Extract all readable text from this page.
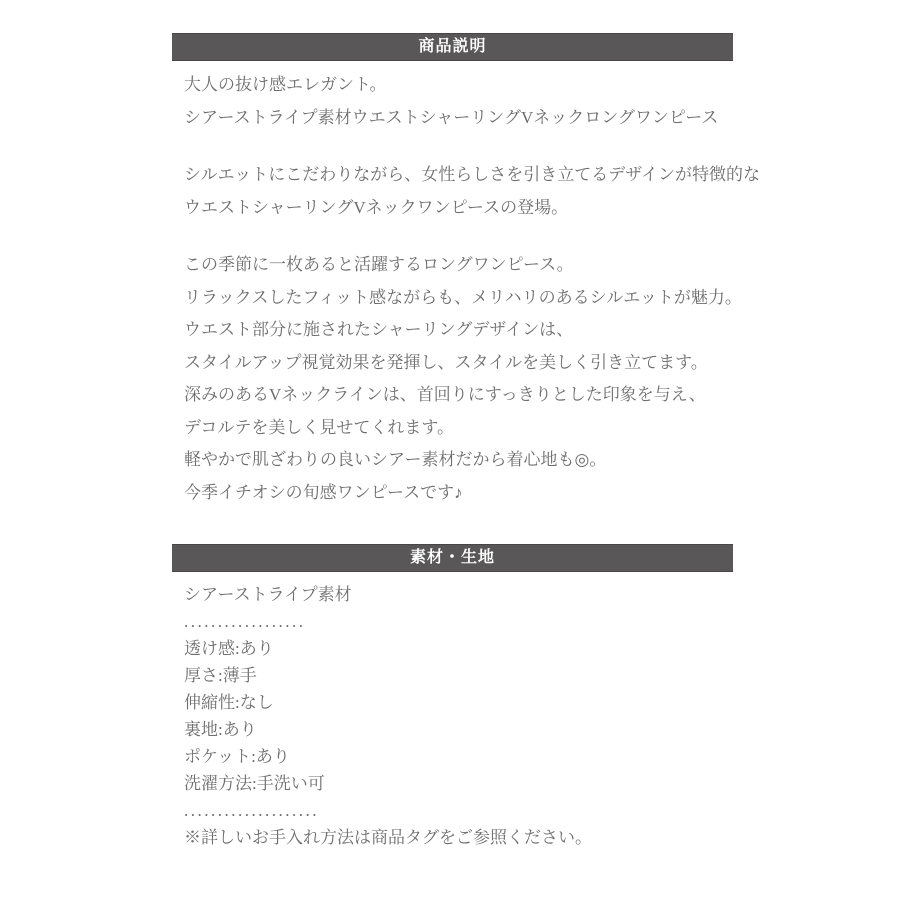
商品説明

大人の抜け感エレガント。
シアーストライプ素材ウエストシャーリングVネックロングワンピース

シルエットにこだわりながら、女性らしさを引き立てるデザインが特徴的な
ウエストシャーリングVネックワンピースの登場。

この季節に一枚あると活躍するロングワンピース。
リラックスしたフィット感ながらも、メリハリのあるシルエットが魅力。
ウエスト部分に施されたシャーリングデザインは、
スタイルアップ視覚効果を発揮し、スタイルを美しく引き立てます。
深みのあるVネックラインは、首回りにすっきりとした印象を与え、
デコルテを美しく見せてくれます。
軽やかで肌ざわりの良いシアー素材だから着心地も◎。
今季イチオシの旬感ワンピースです♪

素材・生地
シアーストライプ素材
..................
透け感:あり
厚さ:薄手
伸縮性:なし
裏地:あり
ポケット:あり
洗濯方法:手洗い可
....................
※詳しいお手入れ方法は商品タグをご参照ください。
